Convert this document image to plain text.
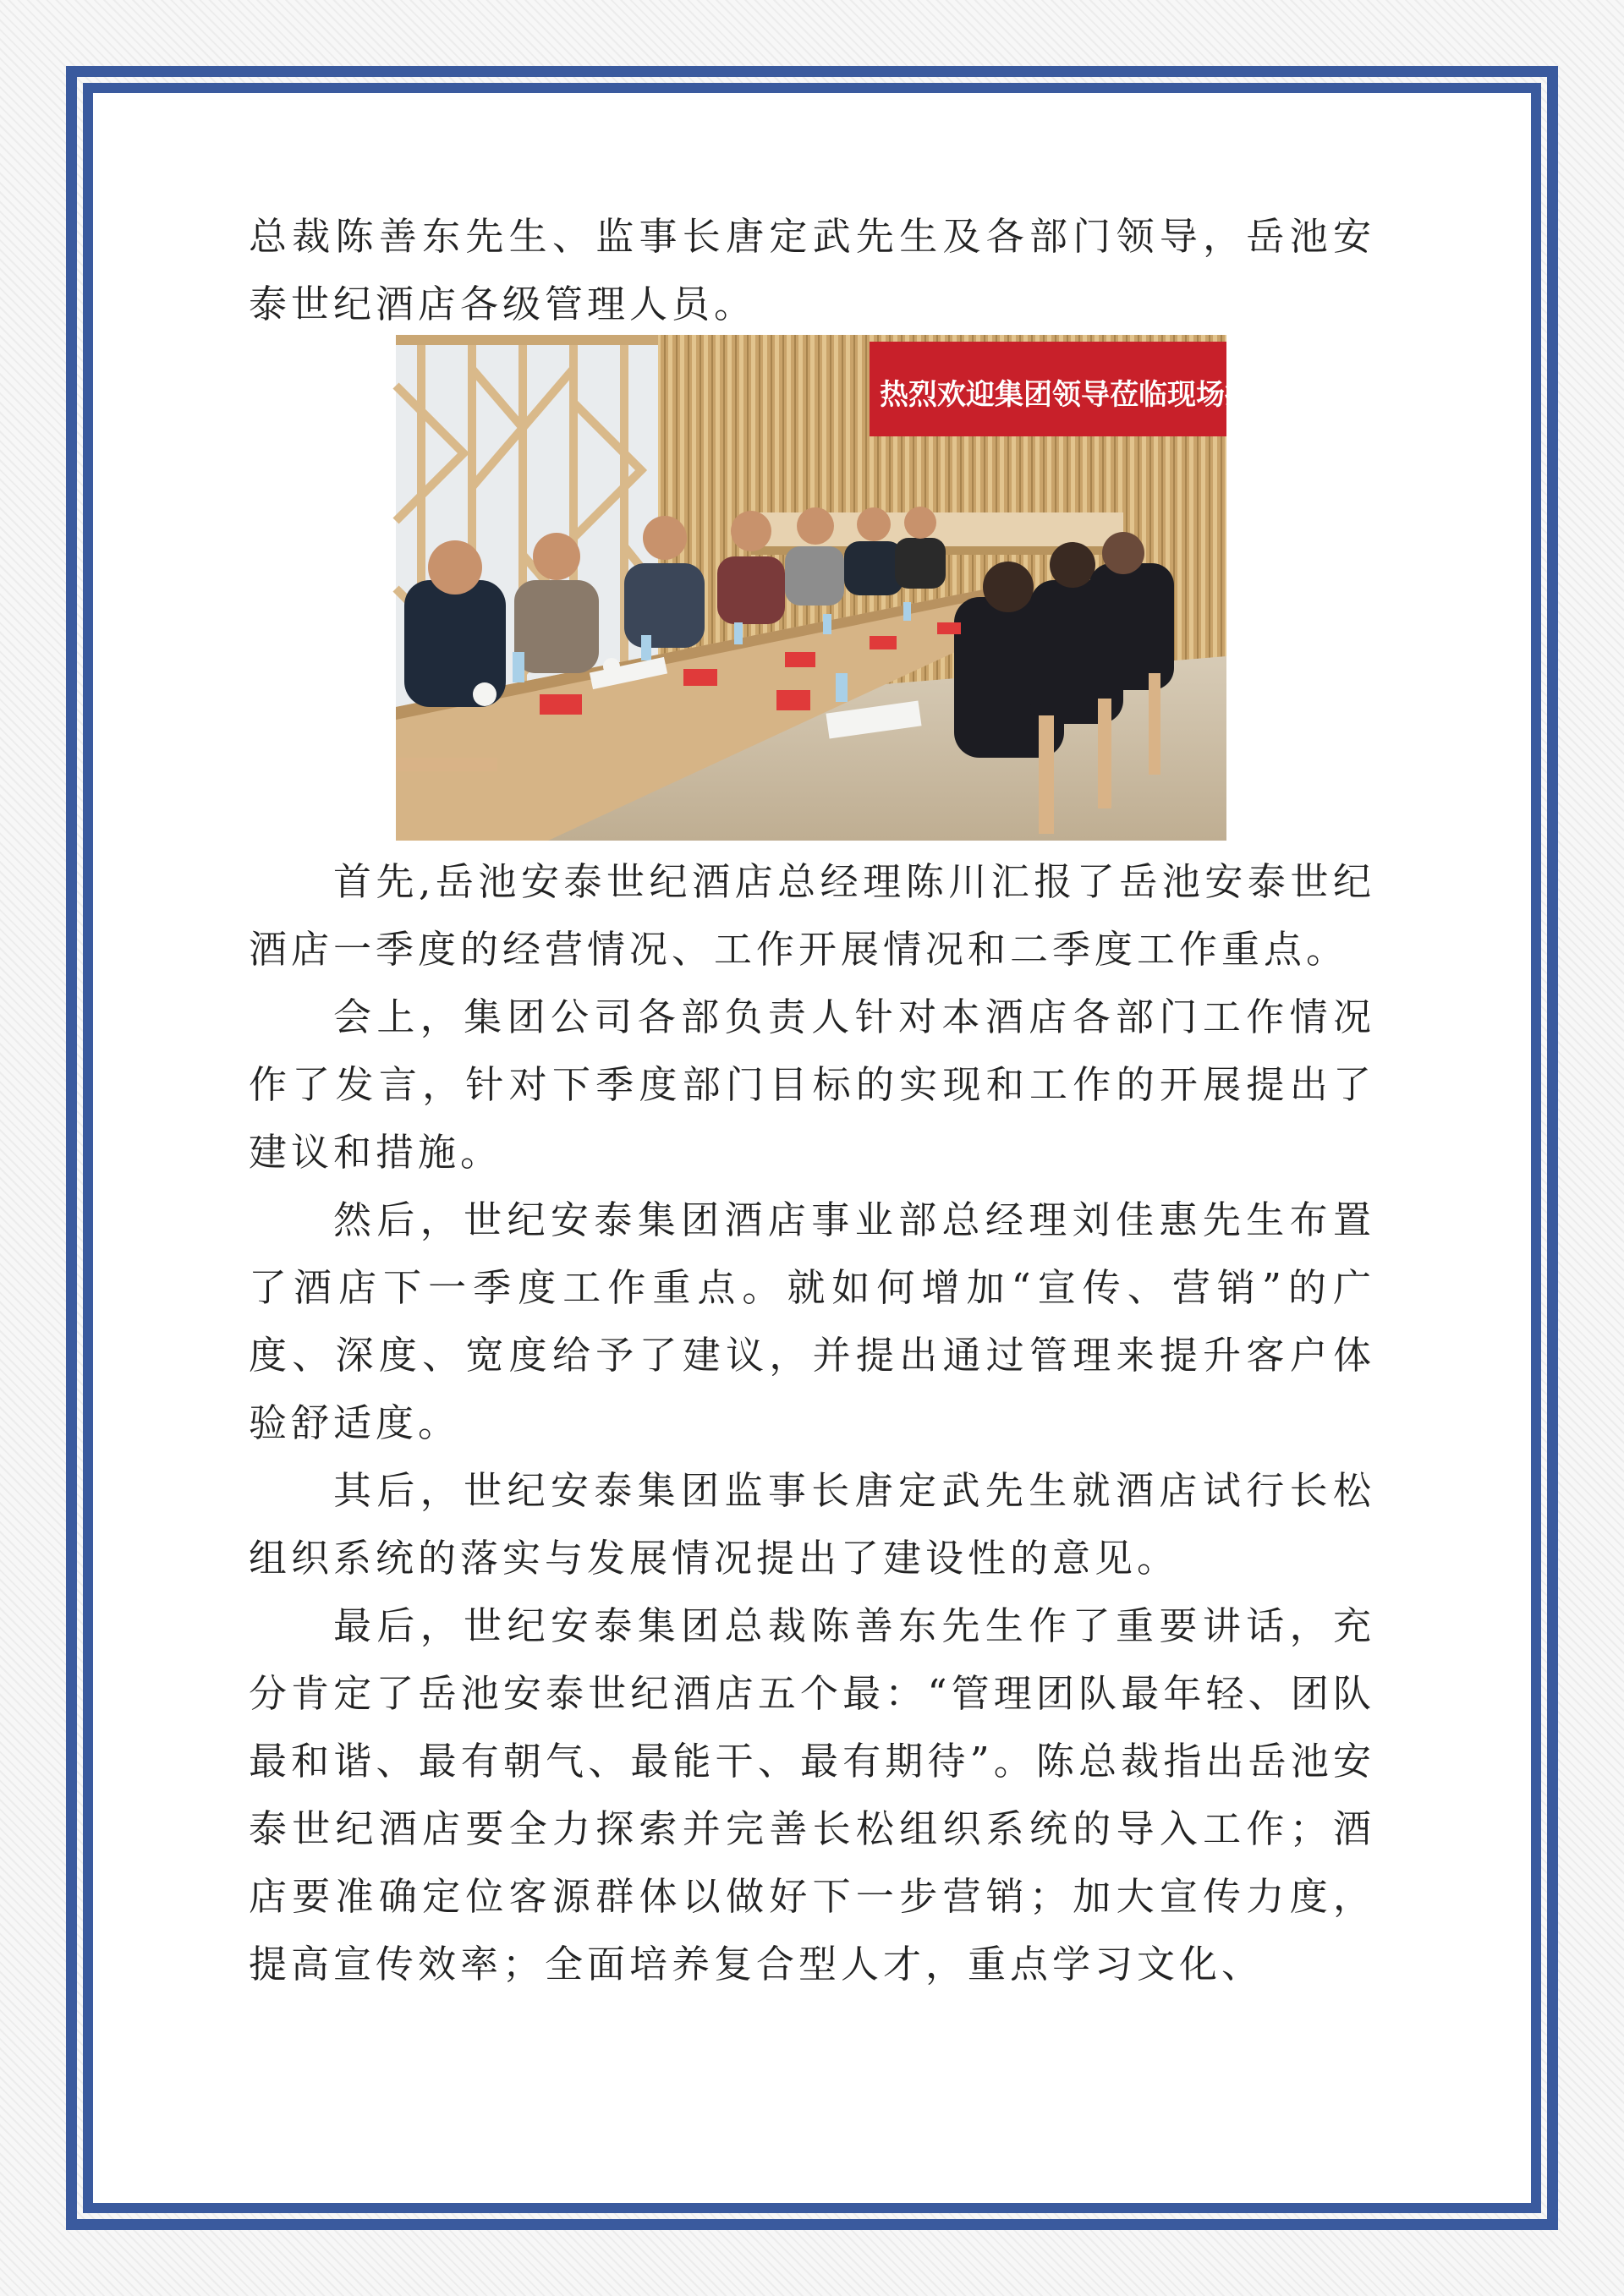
总裁陈善东先生、监事长唐定武先生及各部门领导，岳池安泰世纪酒店各级管理人员。

热烈欢迎集团领导莅临现场指导

首先,岳池安泰世纪酒店总经理陈川汇报了岳池安泰世纪酒店一季度的经营情况、工作开展情况和二季度工作重点。

会上，集团公司各部负责人针对本酒店各部门工作情况作了发言，针对下季度部门目标的实现和工作的开展提出了建议和措施。

然后，世纪安泰集团酒店事业部总经理刘佳惠先生布置了酒店下一季度工作重点。就如何增加“宣传、营销”的广度、深度、宽度给予了建议，并提出通过管理来提升客户体验舒适度。

其后，世纪安泰集团监事长唐定武先生就酒店试行长松组织系统的落实与发展情况提出了建设性的意见。

最后，世纪安泰集团总裁陈善东先生作了重要讲话，充分肯定了岳池安泰世纪酒店五个最：“管理团队最年轻、团队最和谐、最有朝气、最能干、最有期待”。陈总裁指出岳池安泰世纪酒店要全力探索并完善长松组织系统的导入工作；酒店要准确定位客源群体以做好下一步营销；加大宣传力度，提高宣传效率；全面培养复合型人才，重点学习文化、
